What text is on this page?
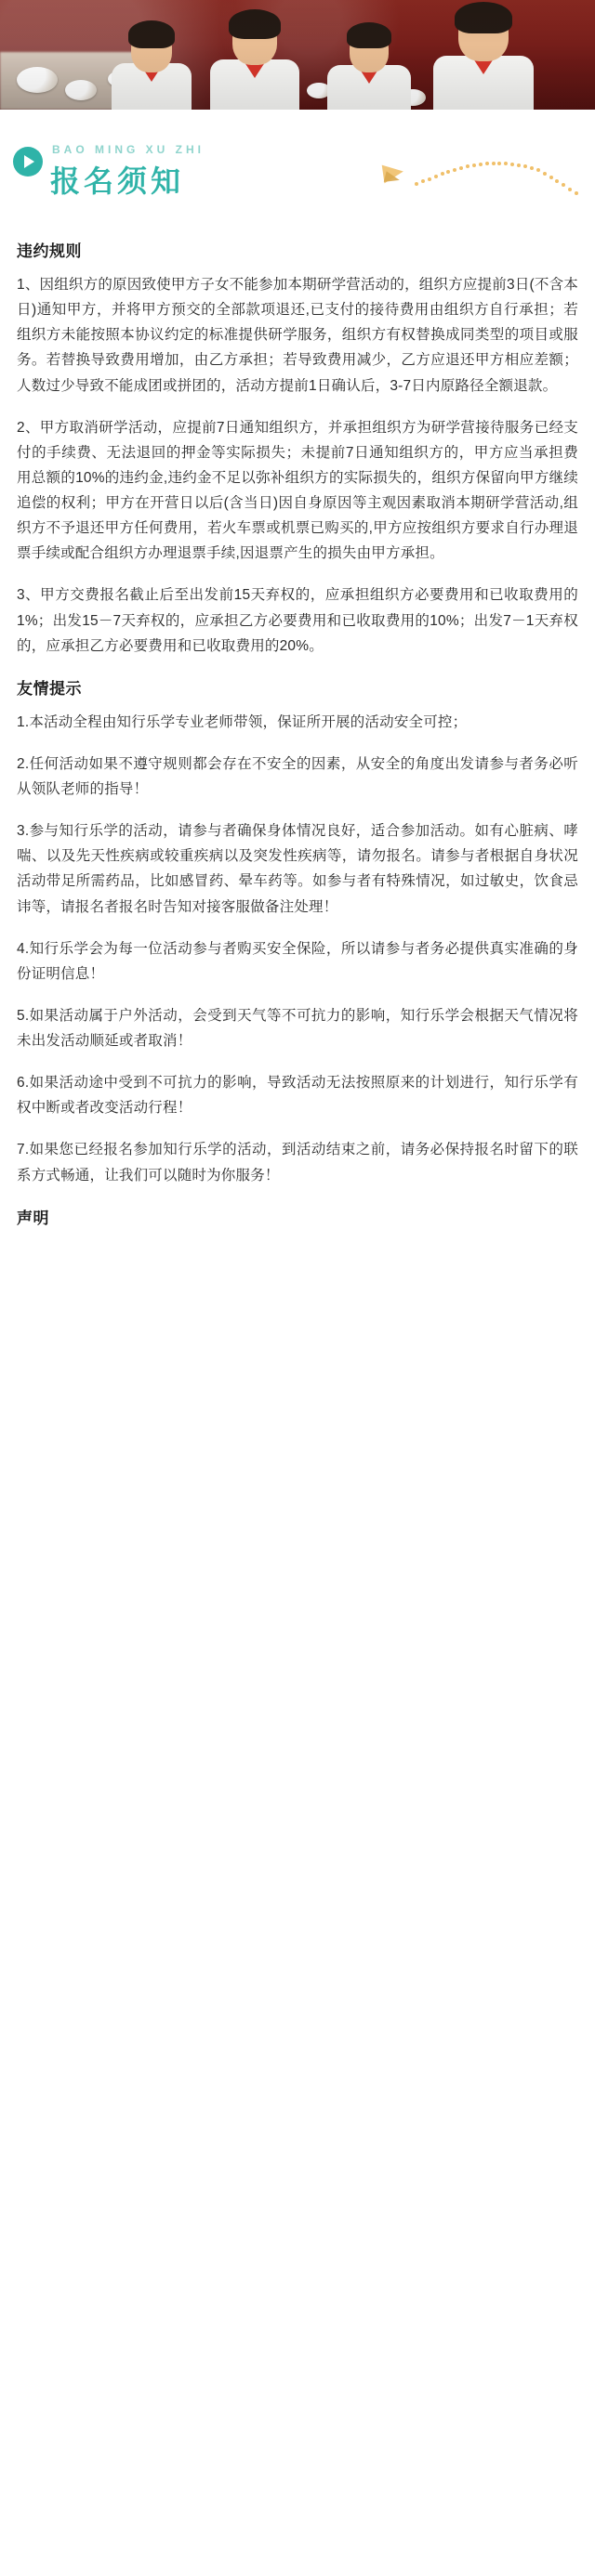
BAO MING XU ZHI
报名须知
违约规则

1、因组织方的原因致使甲方子女不能参加本期研学营活动的，组织方应提前3日(不含本日)通知甲方，并将甲方预交的全部款项退还,已支付的接待费用由组织方自行承担；若组织方未能按照本协议约定的标准提供研学服务，组织方有权替换成同类型的项目或服务。若替换导致费用增加，由乙方承担；若导致费用减少，乙方应退还甲方相应差额；人数过少导致不能成团或拼团的，活动方提前1日确认后，3-7日内原路径全额退款。

2、甲方取消研学活动，应提前7日通知组织方，并承担组织方为研学营接待服务已经支付的手续费、无法退回的押金等实际损失；未提前7日通知组织方的，甲方应当承担费用总额的10%的违约金,违约金不足以弥补组织方的实际损失的，组织方保留向甲方继续追偿的权利；甲方在开营日以后(含当日)因自身原因等主观因素取消本期研学营活动,组织方不予退还甲方任何费用，若火车票或机票已购买的,甲方应按组织方要求自行办理退票手续或配合组织方办理退票手续,因退票产生的损失由甲方承担。

3、甲方交费报名截止后至出发前15天弃权的，应承担组织方必要费用和已收取费用的1%；出发15－7天弃权的，应承担乙方必要费用和已收取费用的10%；出发7－1天弃权的，应承担乙方必要费用和已收取费用的20%。

友情提示

1.本活动全程由知行乐学专业老师带领，保证所开展的活动安全可控；

2.任何活动如果不遵守规则都会存在不安全的因素，从安全的角度出发请参与者务必听从领队老师的指导！

3.参与知行乐学的活动，请参与者确保身体情况良好，适合参加活动。如有心脏病、哮喘、以及先天性疾病或较重疾病以及突发性疾病等，请勿报名。请参与者根据自身状况活动带足所需药品，比如感冒药、晕车药等。如参与者有特殊情况，如过敏史，饮食忌讳等，请报名者报名时告知对接客服做备注处理！

4.知行乐学会为每一位活动参与者购买安全保险，所以请参与者务必提供真实准确的身份证明信息！

5.如果活动属于户外活动，会受到天气等不可抗力的影响，知行乐学会根据天气情况将未出发活动顺延或者取消！

6.如果活动途中受到不可抗力的影响，导致活动无法按照原来的计划进行，知行乐学有权中断或者改变活动行程！

7.如果您已经报名参加知行乐学的活动，到活动结束之前，请务必保持报名时留下的联系方式畅通，让我们可以随时为你服务！

声明
